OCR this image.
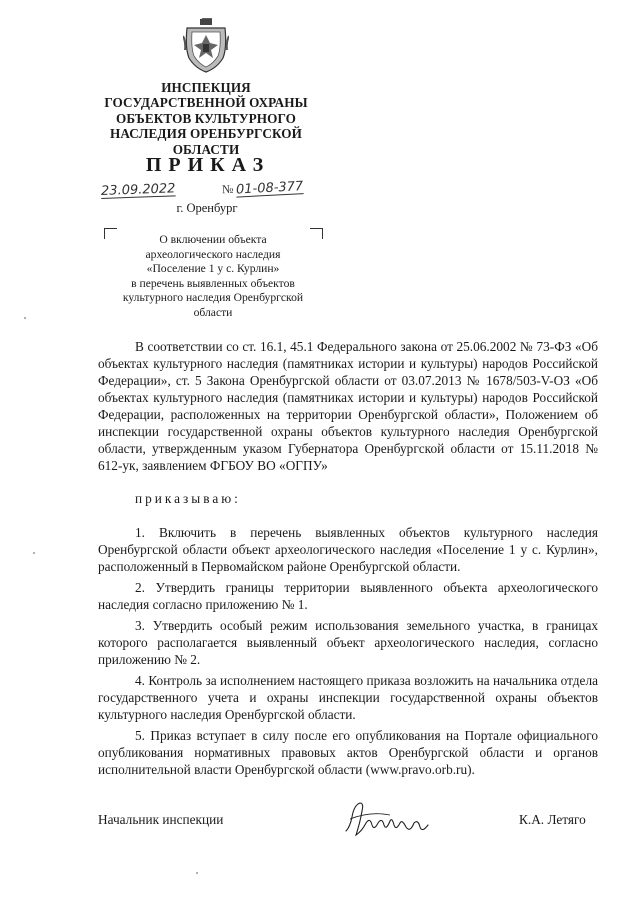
ИНСПЕКЦИЯ
ГОСУДАРСТВЕННОЙ ОХРАНЫ
ОБЪЕКТОВ КУЛЬТУРНОГО
НАСЛЕДИЯ ОРЕНБУРГСКОЙ
ОБЛАСТИ
ПРИКАЗ
23.09.2022	№ 01-08-377
г. Оренбург
О включении объекта
археологического наследия
«Поселение 1 у с. Курлин»
в перечень выявленных объектов
культурного наследия Оренбургской
области

В соответствии со ст. 16.1, 45.1 Федерального закона от 25.06.2002 № 73-ФЗ «Об объектах культурного наследия (памятниках истории и культуры) народов Российской Федерации», ст. 5 Закона Оренбургской области от 03.07.2013 № 1678/503-V-ОЗ «Об объектах культурного наследия (памятниках истории и культуры) народов Российской Федерации, расположенных на территории Оренбургской области», Положением об инспекции государственной охраны объектов культурного наследия Оренбургской области, утвержденным указом Губернатора Оренбургской области от 15.11.2018 № 612-ук, заявлением ФГБОУ ВО «ОГПУ»

приказываю:

1. Включить в перечень выявленных объектов культурного наследия Оренбургской области объект археологического наследия «Поселение 1 у с. Курлин», расположенный в Первомайском районе Оренбургской области.

2. Утвердить границы территории выявленного объекта археологического наследия согласно приложению № 1.

3. Утвердить особый режим использования земельного участка, в границах которого располагается выявленный объект археологического наследия, согласно приложению № 2.

4. Контроль за исполнением настоящего приказа возложить на начальника отдела государственного учета и охраны инспекции государственной охраны объектов культурного наследия Оренбургской области.

5. Приказ вступает в силу после его опубликования на Портале официального опубликования нормативных правовых актов Оренбургской области и органов исполнительной власти Оренбургской области (www.pravo.orb.ru).

Начальник инспекции	К.А. Летяго
